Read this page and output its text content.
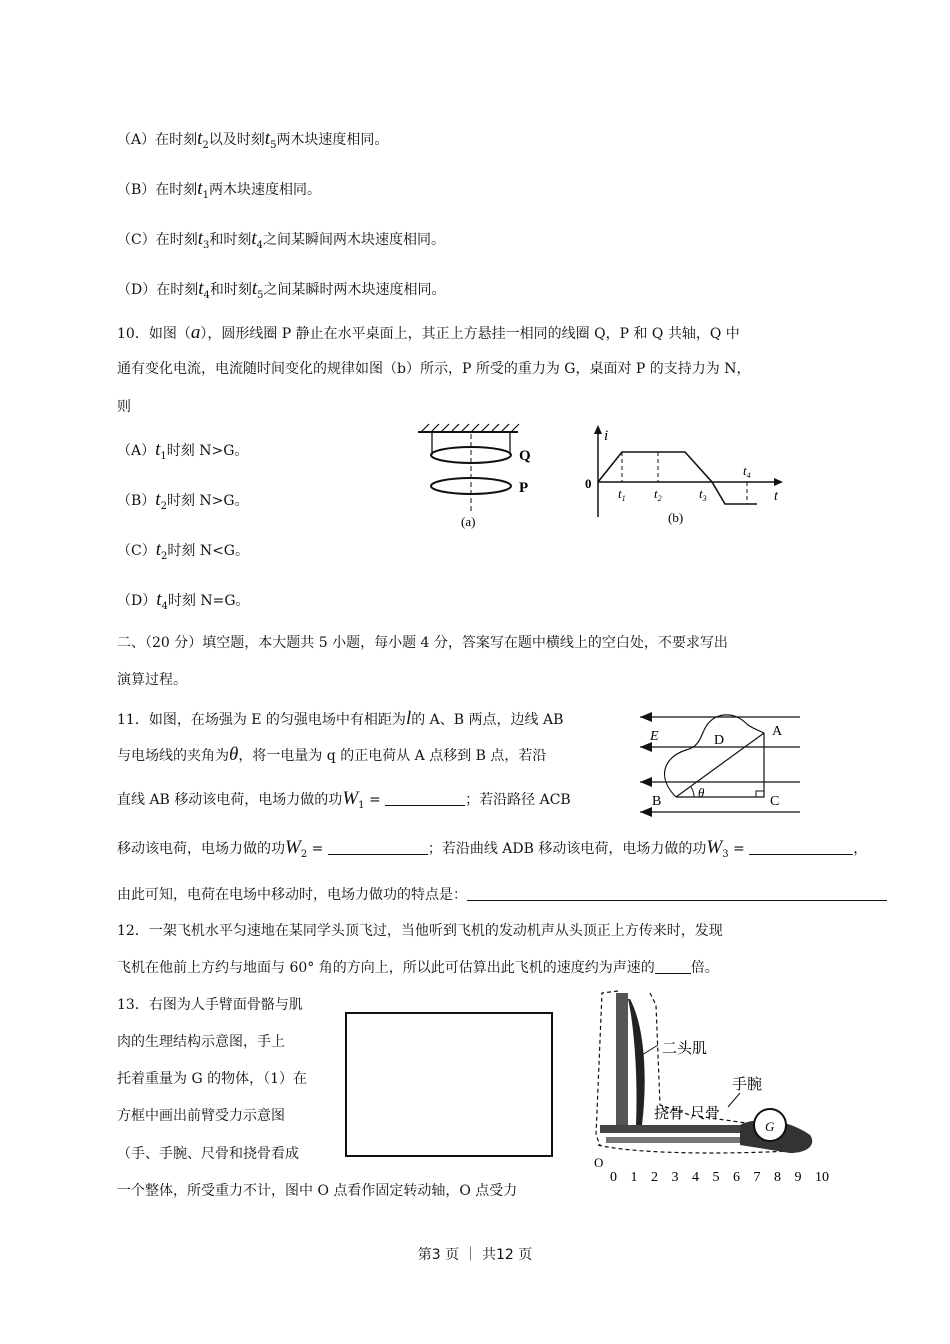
（A）在时刻$t_2$以及时刻$t_5$两木块速度相同。
（B）在时刻$t_1$两木块速度相同。
（C）在时刻$t_3$和时刻$t_4$之间某瞬间两木块速度相同。
（D）在时刻$t_4$和时刻$t_5$之间某瞬时两木块速度相同。
10．如图（a），圆形线圈 P 静止在水平桌面上，其正上方悬挂一相同的线圈 Q，P 和 Q 共轴，Q 中
通有变化电流，电流随时间变化的规律如图（b）所示，P 所受的重力为 G，桌面对 P 的支持力为 N，
则
$(A)t_1$时刻 N>G。
$(B)t_2$时刻 N>G。
$(C)t_2$时刻 N<G。
$(D)t_4$时刻 N=G。
Q
P
(a)
i
t
0
$t_1$ $t_2$	$t_3$
$t_4$
(b)
二、（20 分）填空题，本大题共 5 小题，每小题 4 分，答案写在题中横线上的空白处，不要求写出
演算过程。
11．如图，在场强为 E 的匀强电场中有相距为l的 A、B 两点，边线 AB
与电场线的夹角为θ，将一电量为 q 的正电荷从 A 点移到 B 点，若沿
直线 AB 移动该电荷，电场力做的功$W_1$ =	；若沿路径 ACB
移动该电荷，电场力做的功$W_2$ =	；若沿曲线 ADB 移动该电荷，电场力做的功$W_3$ =	，
由此可知，电荷在电场中移动时，电场力做功的特点是：
E	A
B	C
D
θ
12．一架飞机水平匀速地在某同学头顶飞过，当他听到飞机的发动机声从头顶正上方传来时，发现
飞机在他前上方约与地面与 60° 角的方向上，所以此可估算出此飞机的速度约为声速的	倍。
13．右图为人手臂面骨骼与肌
肉的生理结构示意图，手上
托着重量为 G 的物体，（1）在
方框中画出前臂受力示意图
（手、手腕、尺骨和挠骨看成
一个整体，所受重力不计，图中 O 点看作固定转动轴，O 点受力
G
二头肌
挠骨 尺骨
手腕
O
0 1 2 3 4 5 6 7 8 9 10
第3 页 ｜ 共12 页
